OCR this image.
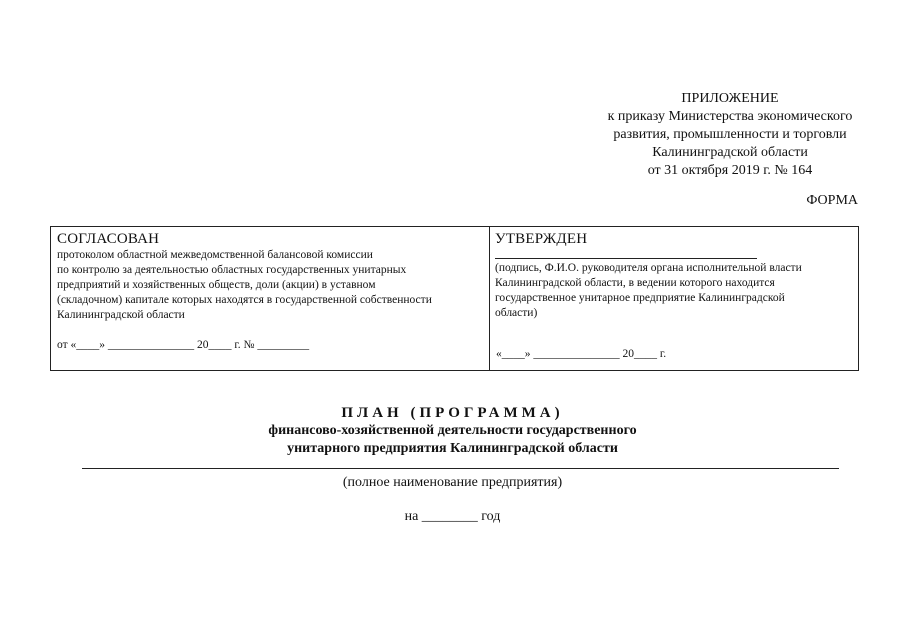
ПРИЛОЖЕНИЕ
к приказу Министерства экономического
развития, промышленности и торговли
Калининградской области
от 31 октября 2019 г. № 164
ФОРМА
СОГЛАСОВАН
протоколом областной межведомственной балансовой комиссии
по контролю за деятельностью областных государственных унитарных
предприятий и хозяйственных обществ, доли (акции) в уставном
(складочном) капитале которых находятся в государственной собственности
Калининградской области
от «____» _______________ 20____ г. № _________
УТВЕРЖДЕН
(подпись, Ф.И.О. руководителя органа исполнительной власти
Калининградской области, в ведении которого находится
государственное унитарное предприятие Калининградской
области)
«____» _______________ 20____ г.
ПЛАН (ПРОГРАММА)
финансово-хозяйственной деятельности государственного
унитарного предприятия Калининградской области
(полное наименование предприятия)
на ________ год
